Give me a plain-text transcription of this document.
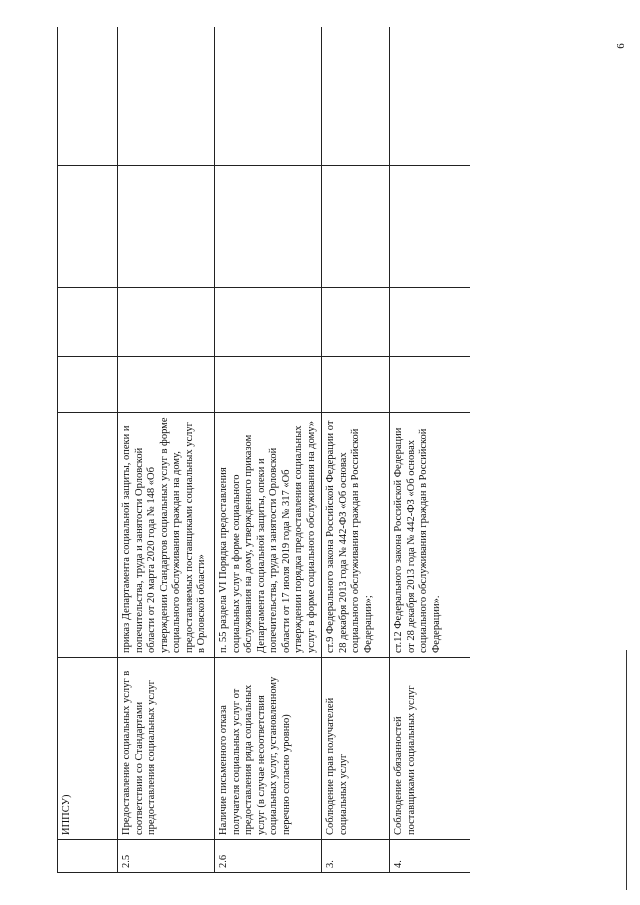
6
	ИППСУ)					
2.5	Предоставление социальных услуг в соответствии со Стандартами предоставления социальных услуг	приказ Департамента социальной защиты, опеки и попечительства, труда и занятости Орловской области от 20 марта 2020 года № 148 «Об утверждении Стандартов социальных услуг в форме социального обслуживания граждан на дому, предоставляемых поставщиками социальных услуг в Орловской области»				
2.6	Наличие письменного отказа получателя социальных услуг от предоставления ряда социальных услуг (в случае несоответствия социальных услуг, установленному перечню согласно уровню)	п. 55 раздела VI Порядка предоставления социальных услуг в форме социального обслуживания на дому, утвержденного приказом Департамента социальной защиты, опеки и попечительства, труда и занятости Орловской области от 17 июля 2019 года № 317 «Об утверждении порядка предоставления социальных услуг в форме социального обслуживания на дому»				
3.	Соблюдение прав получателей социальных услуг	ст.9 Федерального закона Российской Федерации от 28 декабря 2013 года № 442-ФЗ «Об основах социального обслуживания граждан в Российской Федерации»;				
4.	Соблюдение обязанностей поставщиками социальных услуг	ст.12 Федерального закона Российской Федерации от 28 декабря 2013 года № 442-ФЗ «Об основах социального обслуживания граждан в Российской Федерации».				
